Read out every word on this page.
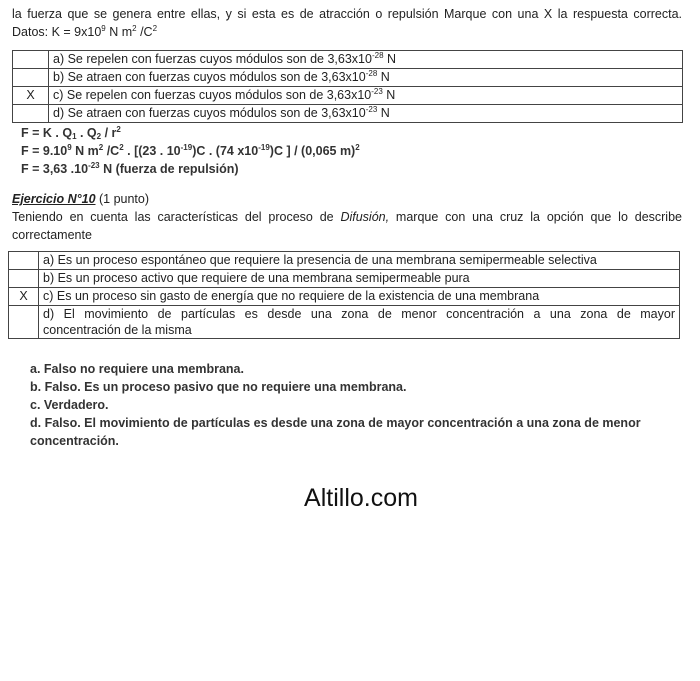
la fuerza que se genera entre ellas, y si esta es de atracción o repulsión Marque con una X la respuesta correcta.
Datos: $K = 9x10^9$ N $m^2$ $/C^2$
	a) Se repelen con fuerzas cuyos módulos son de $3,63x10^{-28}$ N
	b) Se atraen con fuerzas cuyos módulos son de $3,63x10^{-28}$ N
X	c) Se repelen con fuerzas cuyos módulos son de $3,63x10^{-23}$ N
	d) Se atraen con fuerzas cuyos módulos son de $3,63x10^{-23}$ N
F = K . $Q_1$ . $Q_2 / r^2$
$F = 9.10^9$ N $m^2$ $/C^2$ . [(23 . $10^{-19})C$ . (74 $x10^{-19})C$ ] / (0,065 m)$^2$
F = 3,63 $.10^{-23}$ N (fuerza de repulsión)
Ejercicio N°10 (1 punto)
Teniendo en cuenta las características del proceso de Difusión, marque con una cruz la opción que lo describe
correctamente
	a) Es un proceso espontáneo que requiere la presencia de una membrana semipermeable selectiva
	b) Es un proceso activo que requiere de una membrana semipermeable pura
X	c) Es un proceso sin gasto de energía que no requiere de la existencia de una membrana

	d) El movimiento de partículas es desde una zona de menor concentración a una zona de mayor
concentración de la misma
a. Falso no requiere una membrana.
b. Falso. Es un proceso pasivo que no requiere una membrana.
c. Verdadero.
d. Falso. El movimiento de partículas es desde una zona de mayor concentración a una zona de menor
concentración.
Altillo.com
